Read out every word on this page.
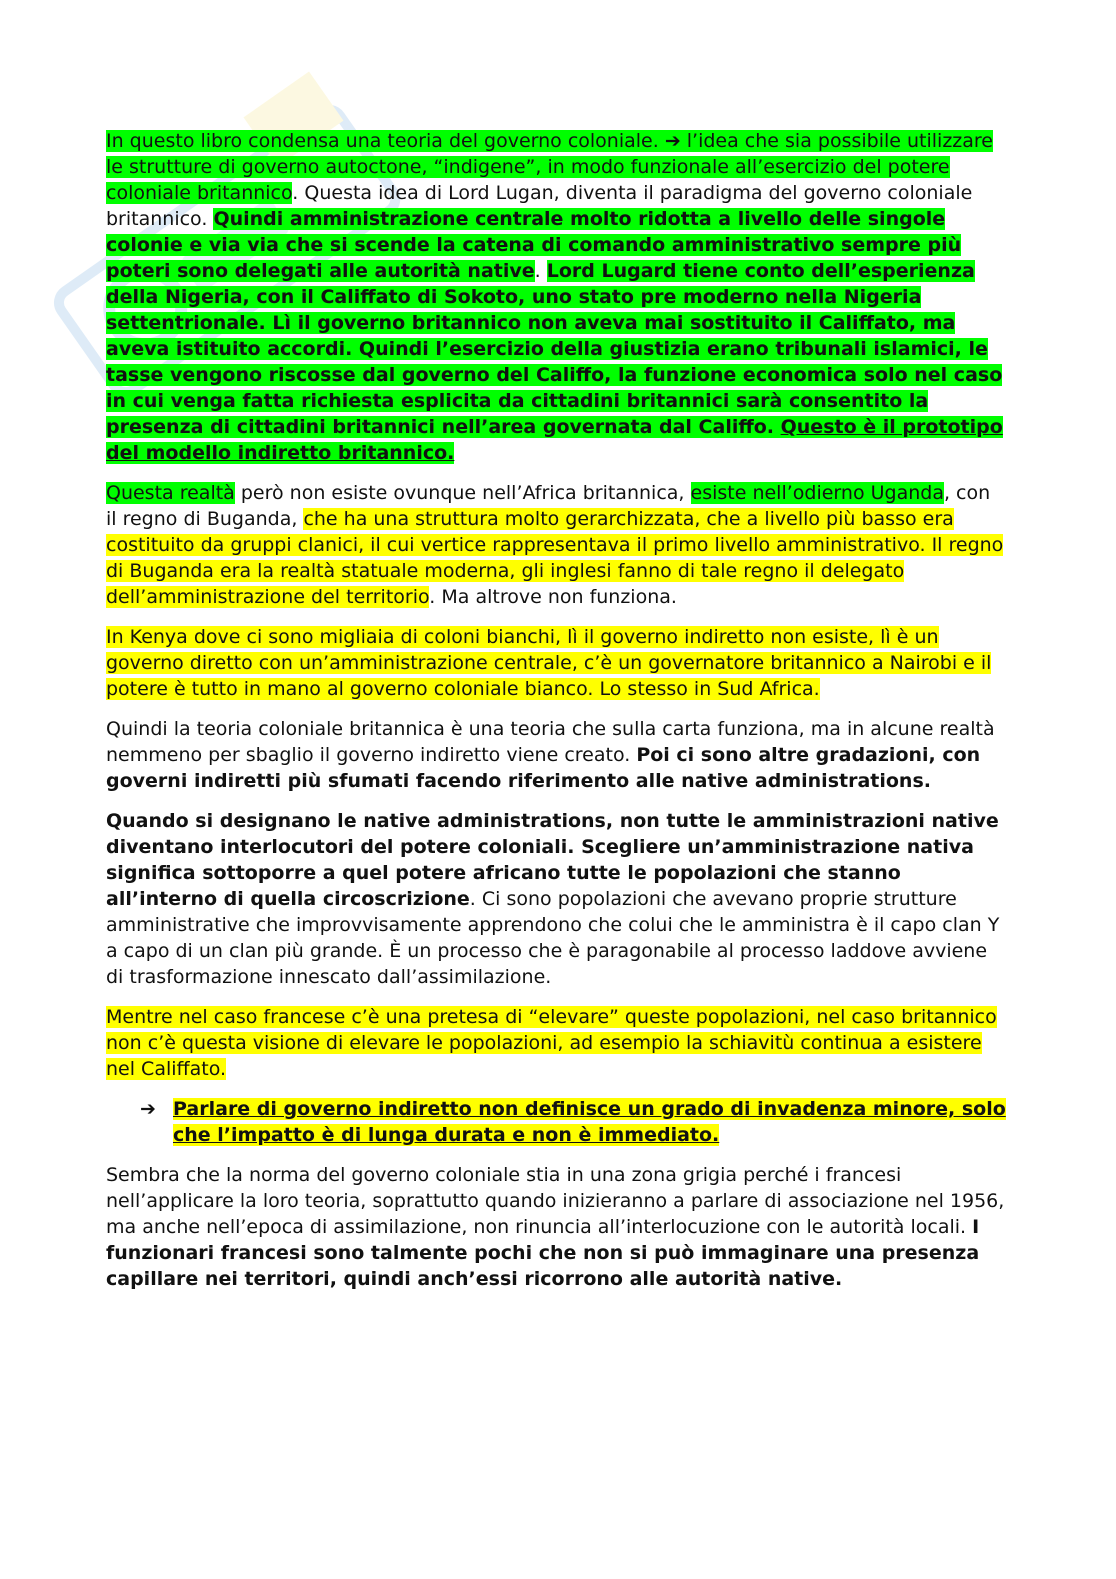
In questo libro condensa una teoria del governo coloniale. ➔ l’idea che sia possibile utilizzare le strutture di governo autoctone, “indigene”, in modo funzionale all’esercizio del potere coloniale britannico. Questa idea di Lord Lugan, diventa il paradigma del governo coloniale britannico. Quindi amministrazione centrale molto ridotta a livello delle singole colonie e via via che si scende la catena di comando amministrativo sempre più poteri sono delegati alle autorità native. Lord Lugard tiene conto dell’esperienza della Nigeria, con il Califfato di Sokoto, uno stato pre moderno nella Nigeria settentrionale. Lì il governo britannico non aveva mai sostituito il Califfato, ma aveva istituito accordi. Quindi l’esercizio della giustizia erano tribunali islamici, le tasse vengono riscosse dal governo del Califfo, la funzione economica solo nel caso in cui venga fatta richiesta esplicita da cittadini britannici sarà consentito la presenza di cittadini britannici nell’area governata dal Califfo. Questo è il prototipo del modello indiretto britannico.

Questa realtà però non esiste ovunque nell’Africa britannica, esiste nell’odierno Uganda, con il regno di Buganda, che ha una struttura molto gerarchizzata, che a livello più basso era costituito da gruppi clanici, il cui vertice rappresentava il primo livello amministrativo. Il regno di Buganda era la realtà statuale moderna, gli inglesi fanno di tale regno il delegato dell’amministrazione del territorio. Ma altrove non funziona.

In Kenya dove ci sono migliaia di coloni bianchi, lì il governo indiretto non esiste, lì è un governo diretto con un’amministrazione centrale, c’è un governatore britannico a Nairobi e il potere è tutto in mano al governo coloniale bianco. Lo stesso in Sud Africa.

Quindi la teoria coloniale britannica è una teoria che sulla carta funziona, ma in alcune realtà nemmeno per sbaglio il governo indiretto viene creato. Poi ci sono altre gradazioni, con governi indiretti più sfumati facendo riferimento alle native administrations.

Quando si designano le native administrations, non tutte le amministrazioni native diventano interlocutori del potere coloniali. Scegliere un’amministrazione nativa significa sottoporre a quel potere africano tutte le popolazioni che stanno all’interno di quella circoscrizione. Ci sono popolazioni che avevano proprie strutture amministrative che improvvisamente apprendono che colui che le amministra è il capo clan Y a capo di un clan più grande. È un processo che è paragonabile al processo laddove avviene di trasformazione innescato dall’assimilazione.

Mentre nel caso francese c’è una pretesa di “elevare” queste popolazioni, nel caso britannico non c’è questa visione di elevare le popolazioni, ad esempio la schiavitù continua a esistere nel Califfato.

➔ Parlare di governo indiretto non definisce un grado di invadenza minore, solo che l’impatto è di lunga durata e non è immediato.

Sembra che la norma del governo coloniale stia in una zona grigia perché i francesi nell’applicare la loro teoria, soprattutto quando inizieranno a parlare di associazione nel 1956, ma anche nell’epoca di assimilazione, non rinuncia all’interlocuzione con le autorità locali. I funzionari francesi sono talmente pochi che non si può immaginare una presenza capillare nei territori, quindi anch’essi ricorrono alle autorità native.
